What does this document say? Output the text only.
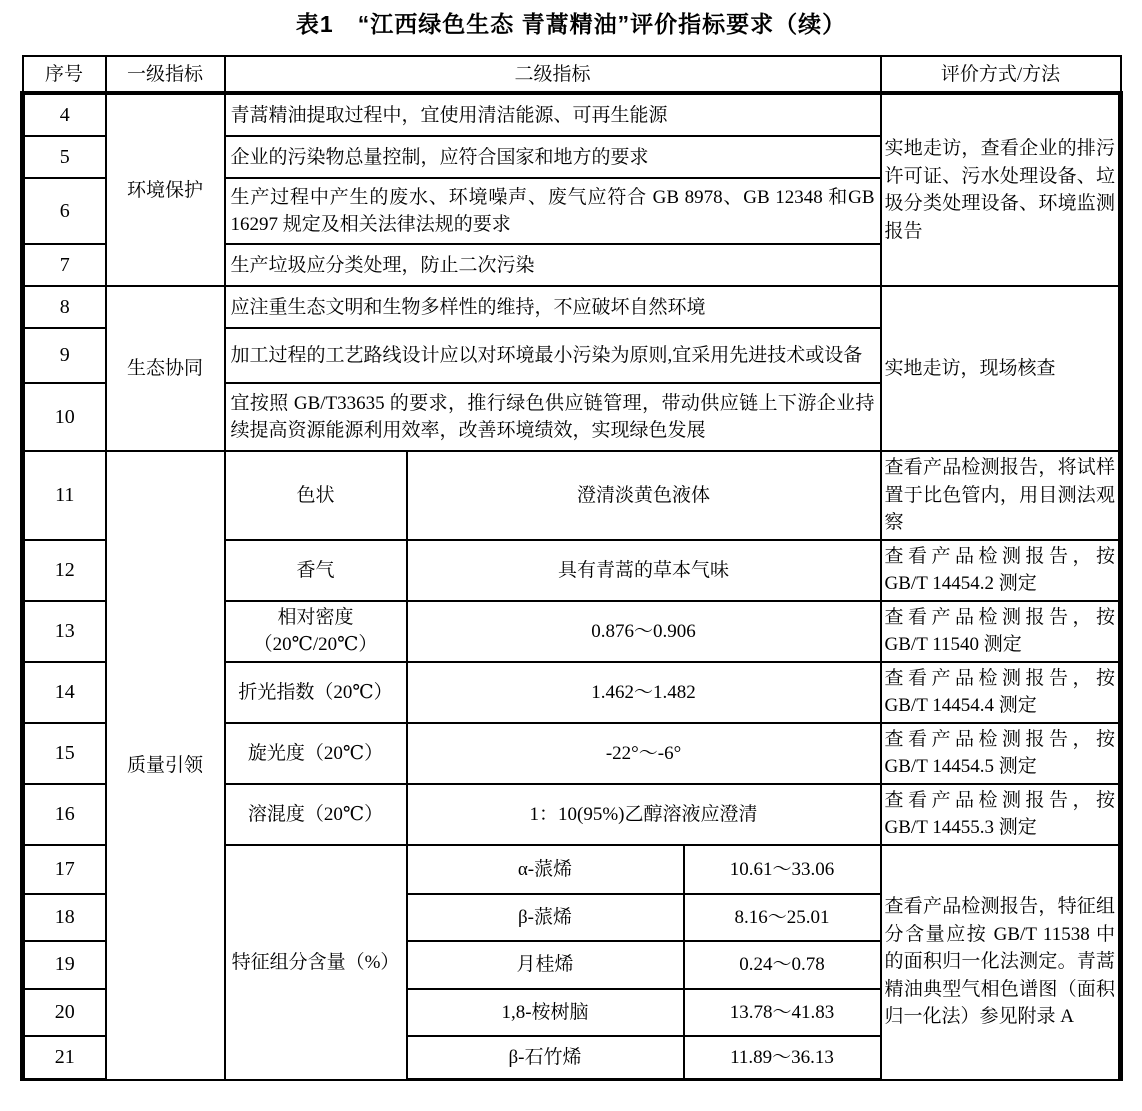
表1　“江西绿色生态 青蒿精油”评价指标要求（续）
序号	一级指标	二级指标			评价方式/方法
4	环境保护	青蒿精油提取过程中，宜使用清洁能源、可再生能源			实地走访，查看企业的排污许可证、污水处理设备、垃圾分类处理设备、环境监测报告
5		企业的污染物总量控制，应符合国家和地方的要求			
6		生产过程中产生的废水、环境噪声、废气应符合 GB 8978、GB 12348 和GB 16297 规定及相关法律法规的要求			
7		生产垃圾应分类处理，防止二次污染			
8	生态协同	应注重生态文明和生物多样性的维持，不应破坏自然环境			实地走访，现场核查
9		加工过程的工艺路线设计应以对环境最小污染为原则,宜采用先进技术或设备			
10		宜按照 GB/T33635 的要求，推行绿色供应链管理，带动供应链上下游企业持续提高资源能源利用效率，改善环境绩效，实现绿色发展			
11	质量引领	色状	澄清淡黄色液体		查看产品检测报告，将试样置于比色管内，用目测法观察
12		香气	具有青蒿的草本气味		查看产品检测报告，按GB/T 14454.2 测定
13		相对密度（20℃/20℃）	0.876～0.906		查看产品检测报告，按GB/T 11540 测定
14		折光指数（20℃）	1.462～1.482		查看产品检测报告，按GB/T 14454.4 测定
15		旋光度（20℃）	-22°～-6°		查看产品检测报告，按GB/T 14454.5 测定
16		溶混度（20℃）	1：10(95%)乙醇溶液应澄清		查看产品检测报告，按GB/T 14455.3 测定
17		特征组分含量（%）	α-蒎烯	10.61～33.06	查看产品检测报告，特征组分含量应按 GB/T 11538 中的面积归一化法测定。青蒿精油典型气相色谱图（面积归一化法）参见附录 A
18			β-蒎烯	8.16～25.01	
19			月桂烯	0.24～0.78	
20			1,8-桉树脑	13.78～41.83	
21			β-石竹烯	11.89～36.13	
